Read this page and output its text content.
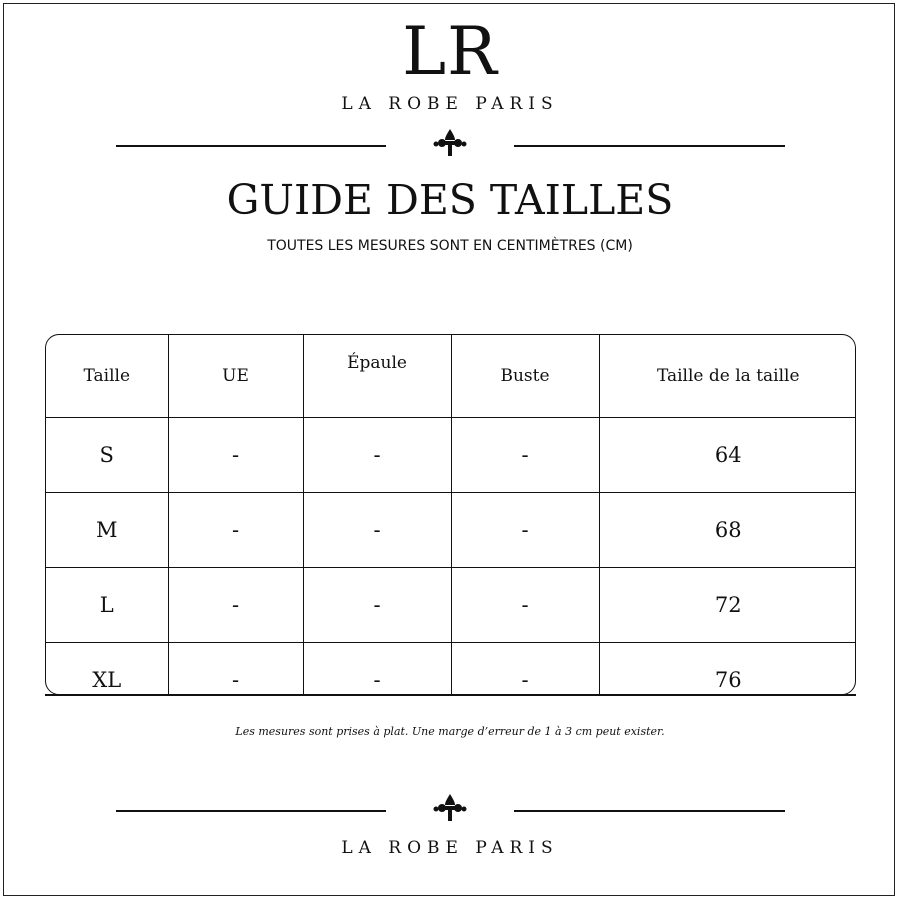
LR
LA ROBE PARIS
GUIDE DES TAILLES
TOUTES LES MESURES SONT EN CENTIMÈTRES (CM)
Taille	UE	Épaule	Buste	Taille de la taille
S	-	-	-	64
M	-	-	-	68
L	-	-	-	72
XL	-	-	-	76
Les mesures sont prises à plat. Une marge d’erreur de 1 à 3 cm peut exister.
LA ROBE PARIS
